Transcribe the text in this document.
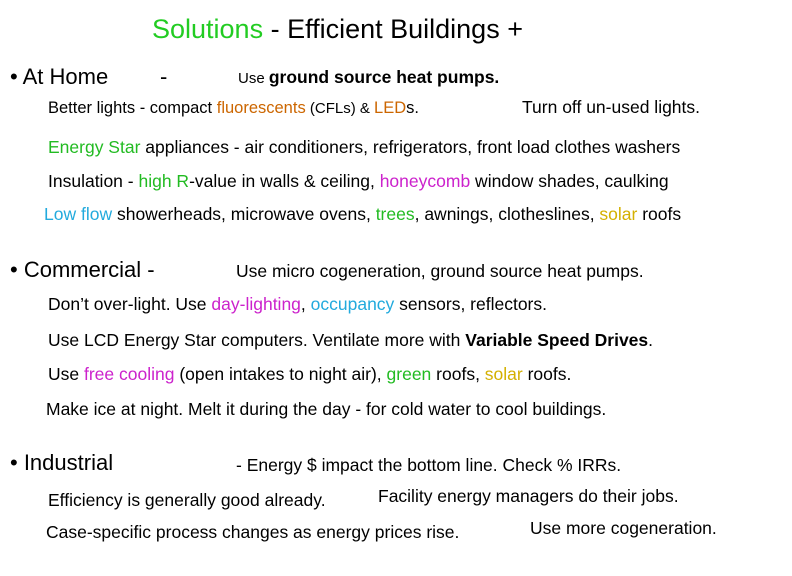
Solutions - Efficient Buildings +
• At Home -	Use ground source heat pumps.
Better lights - compact fluorescents (CFLs) & LEDs.	Turn off un-used lights.
Energy Star appliances - air conditioners, refrigerators, front load clothes washers
Insulation - high R-value in walls & ceiling, honeycomb window shades, caulking
Low flow showerheads, microwave ovens, trees, awnings, clotheslines, solar roofs
• Commercial -	Use micro cogeneration, ground source heat pumps.
Don’t over-light. Use day-lighting, occupancy sensors, reflectors.
Use LCD Energy Star computers. Ventilate more with Variable Speed Drives.
Use free cooling (open intakes to night air), green roofs, solar roofs.
Make ice at night. Melt it during the day - for cold water to cool buildings.
• Industrial	- Energy $ impact the bottom line. Check % IRRs.
Efficiency is generally good already.	Facility energy managers do their jobs.
Case-specific process changes as energy prices rise.	Use more cogeneration.
